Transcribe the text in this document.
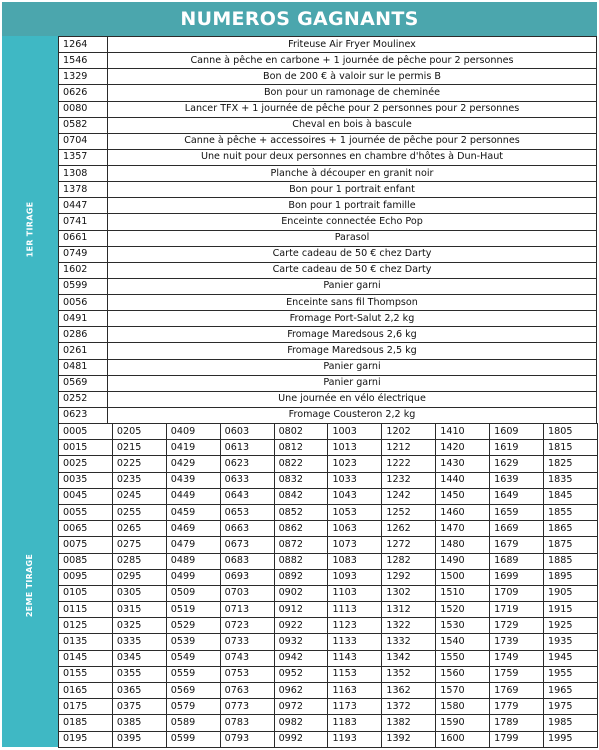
NUMEROS GAGNANTS
1ER TIRAGE
1264	Friteuse Air Fryer Moulinex
1546	Canne à pêche en carbone + 1 journée de pêche pour 2 personnes
1329	Bon de 200 € à valoir sur le permis B
0626	Bon pour un ramonage de cheminée
0080	Lancer TFX + 1 journée de pêche pour 2 personnes pour 2 personnes
0582	Cheval en bois à bascule
0704	Canne à pêche + accessoires + 1 journée de pêche pour 2 personnes
1357	Une nuit pour deux personnes en chambre d'hôtes à Dun-Haut
1308	Planche à découper en granit noir
1378	Bon pour 1 portrait enfant
0447	Bon pour 1 portrait famille
0741	Enceinte connectée Echo Pop
0661	Parasol
0749	Carte cadeau de 50 € chez Darty
1602	Carte cadeau de 50 € chez Darty
0599	Panier garni
0056	Enceinte sans fil Thompson
0491	Fromage Port-Salut 2,2 kg
0286	Fromage Maredsous 2,6 kg
0261	Fromage Maredsous 2,5 kg
0481	Panier garni
0569	Panier garni
0252	Une journée en vélo électrique
0623	Fromage Cousteron 2,2 kg
2EME TIRAGE
0005	0205	0409	0603	0802	1003	1202	1410	1609	1805
0015	0215	0419	0613	0812	1013	1212	1420	1619	1815
0025	0225	0429	0623	0822	1023	1222	1430	1629	1825
0035	0235	0439	0633	0832	1033	1232	1440	1639	1835
0045	0245	0449	0643	0842	1043	1242	1450	1649	1845
0055	0255	0459	0653	0852	1053	1252	1460	1659	1855
0065	0265	0469	0663	0862	1063	1262	1470	1669	1865
0075	0275	0479	0673	0872	1073	1272	1480	1679	1875
0085	0285	0489	0683	0882	1083	1282	1490	1689	1885
0095	0295	0499	0693	0892	1093	1292	1500	1699	1895
0105	0305	0509	0703	0902	1103	1302	1510	1709	1905
0115	0315	0519	0713	0912	1113	1312	1520	1719	1915
0125	0325	0529	0723	0922	1123	1322	1530	1729	1925
0135	0335	0539	0733	0932	1133	1332	1540	1739	1935
0145	0345	0549	0743	0942	1143	1342	1550	1749	1945
0155	0355	0559	0753	0952	1153	1352	1560	1759	1955
0165	0365	0569	0763	0962	1163	1362	1570	1769	1965
0175	0375	0579	0773	0972	1173	1372	1580	1779	1975
0185	0385	0589	0783	0982	1183	1382	1590	1789	1985
0195	0395	0599	0793	0992	1193	1392	1600	1799	1995
